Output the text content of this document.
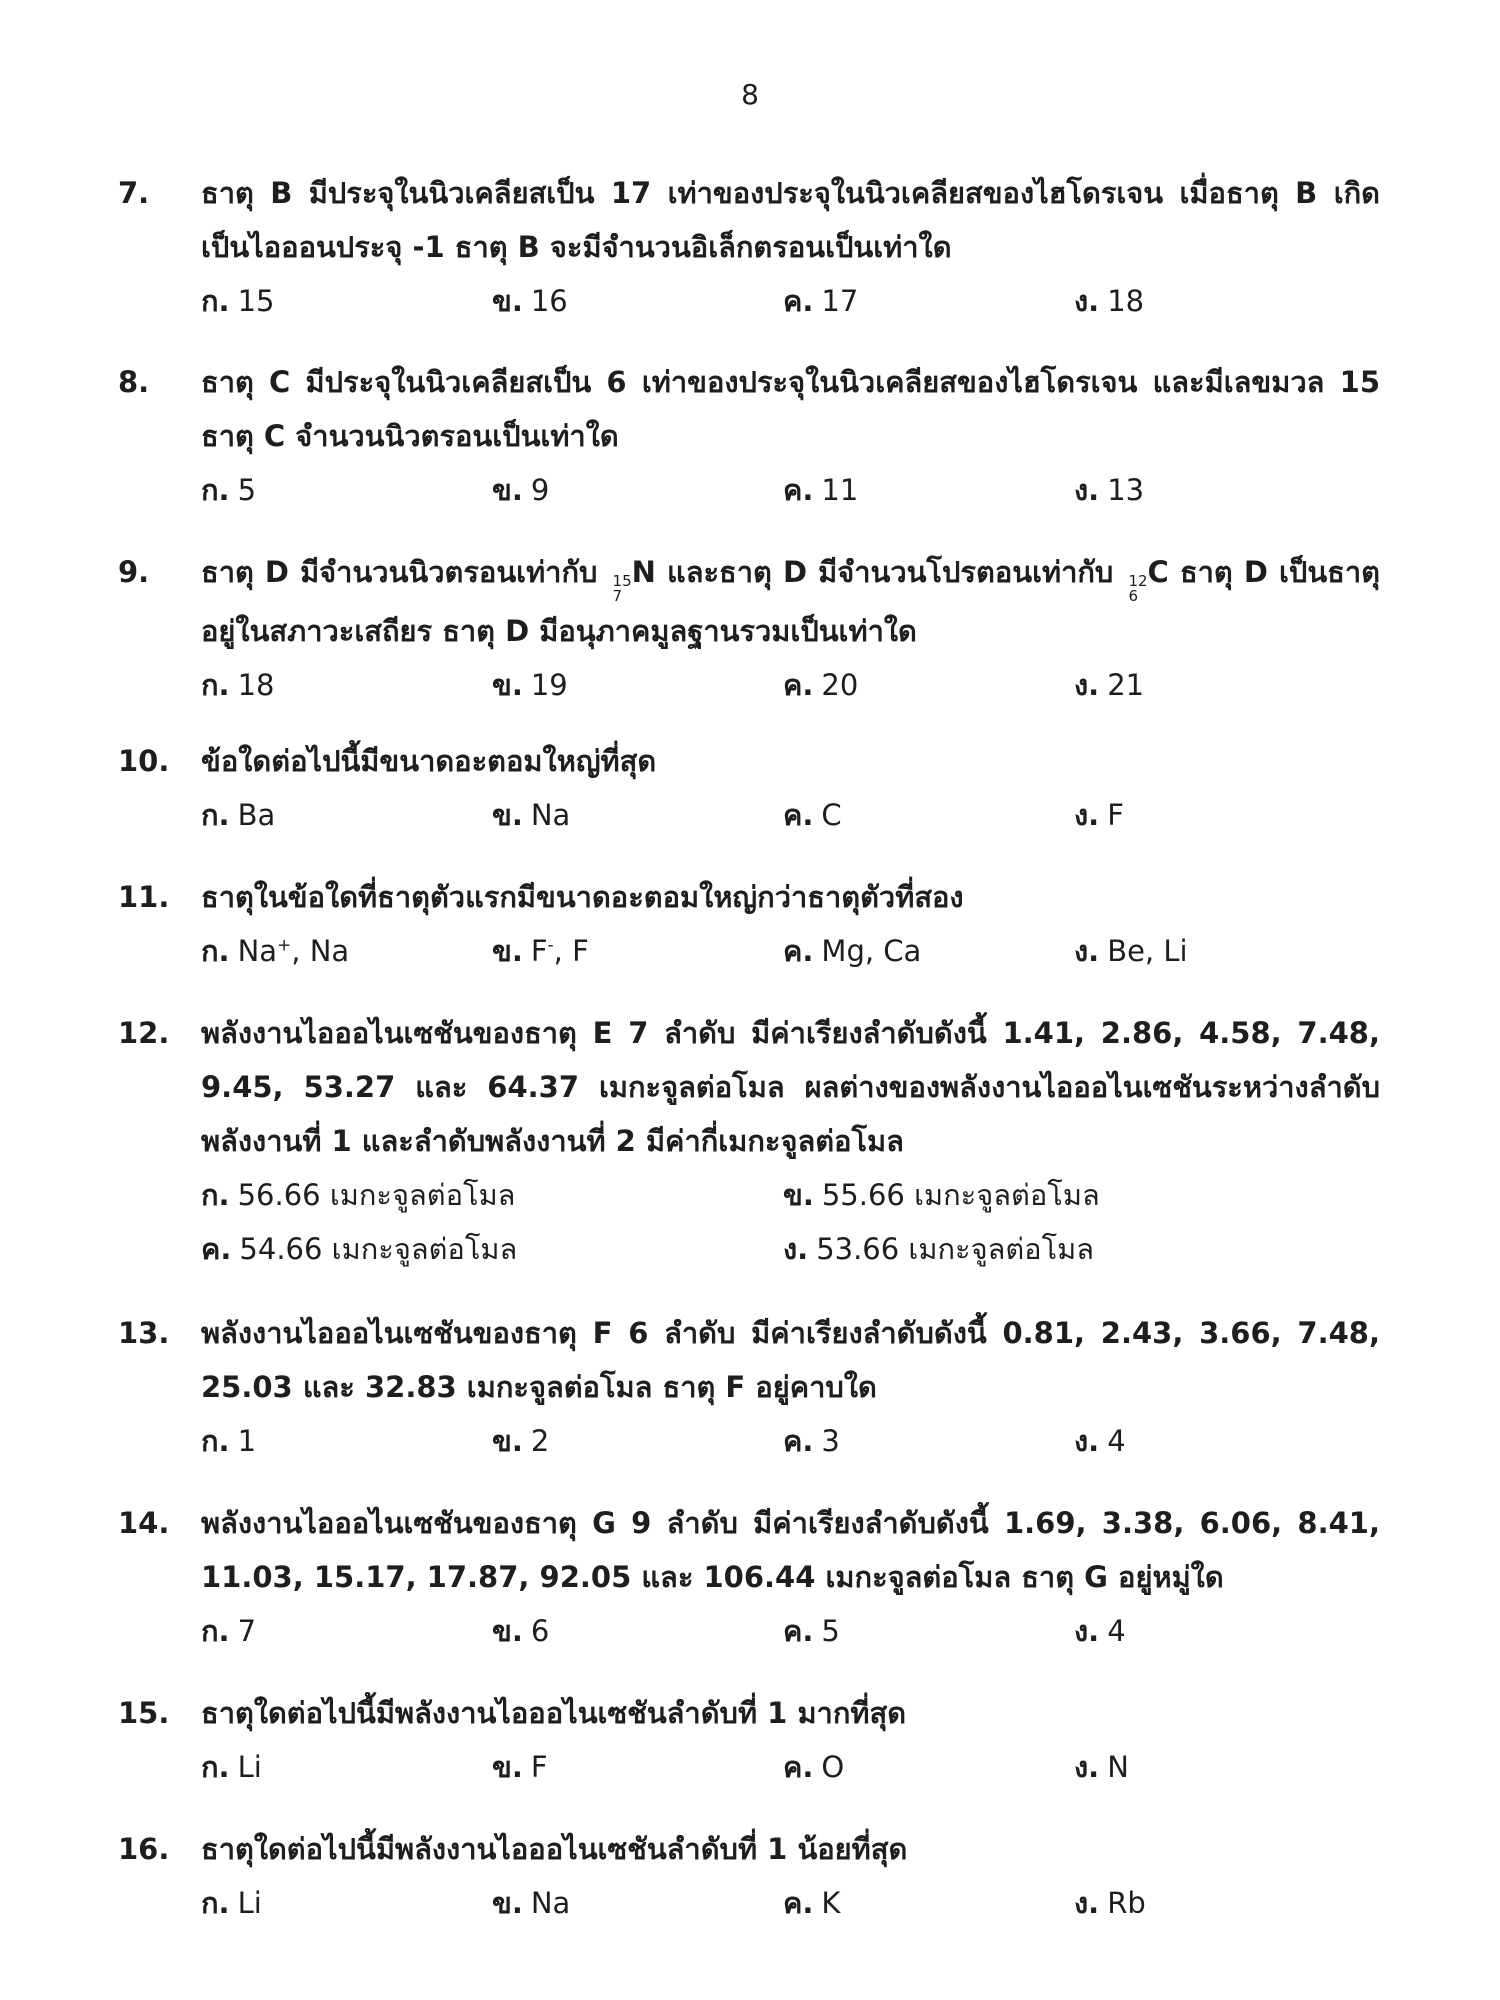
8
7. ธาตุ B มีประจุในนิวเคลียสเป็น 17 เท่าของประจุในนิวเคลียสของไฮโดรเจน เมื่อธาตุ B เกิดเป็นไอออนประจุ -1 ธาตุ B จะมีจำนวนอิเล็กตรอนเป็นเท่าใด
ก. 15	ข. 16	ค. 17	ง. 18
8. ธาตุ C มีประจุในนิวเคลียสเป็น 6 เท่าของประจุในนิวเคลียสของไฮโดรเจน และมีเลขมวล 15 ธาตุ C จำนวนนิวตรอนเป็นเท่าใด
ก. 5	ข. 9	ค. 11	ง. 13
9. ธาตุ D มีจำนวนนิวตรอนเท่ากับ 15
7
N และธาตุ D มีจำนวนโปรตอนเท่ากับ 12
6
C ธาตุ D เป็นธาตุอยู่ในสภาวะเสถียร ธาตุ D มีอนุภาคมูลฐานรวมเป็นเท่าใด
ก. 18	ข. 19	ค. 20	ง. 21
10. ข้อใดต่อไปนี้มีขนาดอะตอมใหญ่ที่สุด
ก. Ba	ข. Na	ค. C	ง. F
11. ธาตุในข้อใดที่ธาตุตัวแรกมีขนาดอะตอมใหญ่กว่าธาตุตัวที่สอง
ก. Na+, Na	ข. F-, F	ค. Mg, Ca	ง. Be, Li
12. พลังงานไอออไนเซชันของธาตุ E 7 ลำดับ มีค่าเรียงลำดับดังนี้ 1.41, 2.86, 4.58, 7.48, 9.45, 53.27 และ 64.37 เมกะจูลต่อโมล ผลต่างของพลังงานไอออไนเซชันระหว่างลำดับพลังงานที่ 1 และลำดับพลังงานที่ 2 มีค่ากี่เมกะจูลต่อโมล
ก. 56.66 เมกะจูลต่อโมล	ข. 55.66 เมกะจูลต่อโมล
ค. 54.66 เมกะจูลต่อโมล	ง. 53.66 เมกะจูลต่อโมล
13. พลังงานไอออไนเซชันของธาตุ F 6 ลำดับ มีค่าเรียงลำดับดังนี้ 0.81, 2.43, 3.66, 7.48, 25.03 และ 32.83 เมกะจูลต่อโมล ธาตุ F อยู่คาบใด
ก. 1	ข. 2	ค. 3	ง. 4
14. พลังงานไอออไนเซชันของธาตุ G 9 ลำดับ มีค่าเรียงลำดับดังนี้ 1.69, 3.38, 6.06, 8.41, 11.03, 15.17, 17.87, 92.05 และ 106.44 เมกะจูลต่อโมล ธาตุ G อยู่หมู่ใด
ก. 7	ข. 6	ค. 5	ง. 4
15. ธาตุใดต่อไปนี้มีพลังงานไอออไนเซชันลำดับที่ 1 มากที่สุด
ก. Li	ข. F	ค. O	ง. N
16. ธาตุใดต่อไปนี้มีพลังงานไอออไนเซชันลำดับที่ 1 น้อยที่สุด
ก. Li	ข. Na	ค. K	ง. Rb
